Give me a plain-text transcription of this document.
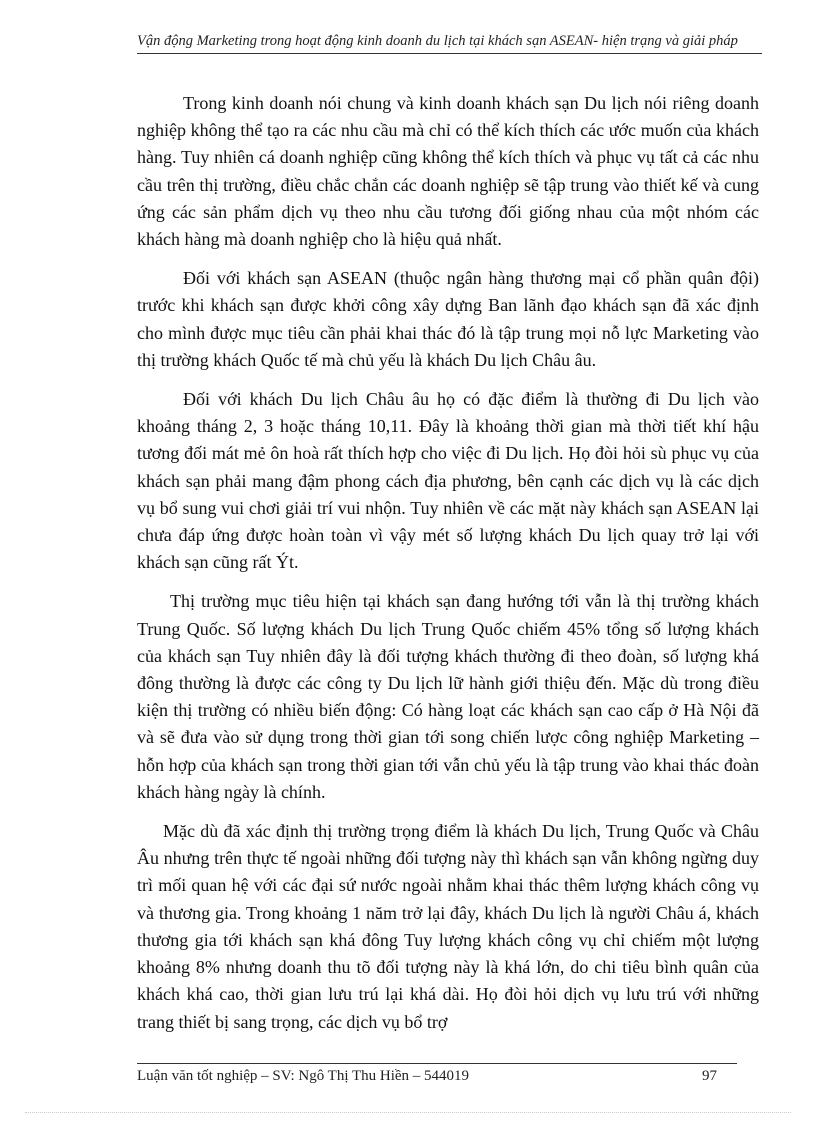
Vận động Marketing trong hoạt động kinh doanh du lịch tại khách sạn ASEAN- hiện trạng và giải pháp

Trong kinh doanh nói chung và kinh doanh khách sạn Du lịch nói riêng doanh nghiệp không thể tạo ra các nhu cầu mà chỉ có thể kích thích các ước muốn của khách hàng. Tuy nhiên cá doanh nghiệp cũng không thể kích thích và phục vụ tất cả các nhu cầu trên thị trường, điều chắc chắn các doanh nghiệp sẽ tập trung vào thiết kế và cung ứng các sản phẩm dịch vụ theo nhu cầu tương đối giống nhau của một nhóm các khách hàng mà doanh nghiệp cho là hiệu quả nhất.

Đối với khách sạn ASEAN (thuộc ngân hàng thương mại cổ phần quân đội) trước khi khách sạn được khởi công xây dựng Ban lãnh đạo khách sạn đã xác định cho mình được mục tiêu cần phải khai thác đó là tập trung mọi nỗ lực Marketing vào thị trường khách Quốc tế mà chủ yếu là khách Du lịch Châu âu.

Đối với khách Du lịch Châu âu họ có đặc điểm là thường đi Du lịch vào khoảng tháng 2, 3 hoặc tháng 10,11. Đây là khoảng thời gian mà thời tiết khí hậu tương đối mát mẻ ôn hoà rất thích hợp cho việc đi Du lịch. Họ đòi hỏi sù phục vụ của khách sạn phải mang đậm phong cách địa phương, bên cạnh các dịch vụ là các dịch vụ bổ sung vui chơi giải trí vui nhộn. Tuy nhiên về các mặt này khách sạn ASEAN lại chưa đáp ứng được hoàn toàn vì vậy mét số lượng khách Du lịch quay trở lại với khách sạn cũng rất Ýt.

Thị trường mục tiêu hiện tại khách sạn đang hướng tới vẫn là thị trường khách Trung Quốc. Số lượng khách Du lịch Trung Quốc chiếm 45% tổng số lượng khách của khách sạn Tuy nhiên đây là đối tượng khách thường đi theo đoàn, số lượng khá đông thường là được các công ty Du lịch lữ hành giới thiệu đến. Mặc dù trong điều kiện thị trường có nhiều biến động: Có hàng loạt các khách sạn cao cấp ở Hà Nội đã và sẽ đưa vào sử dụng trong thời gian tới song chiến lược công nghiệp Marketing – hỗn hợp của khách sạn trong thời gian tới vẫn chủ yếu là tập trung vào khai thác đoàn khách hàng ngày là chính.

Mặc dù đã xác định thị trường trọng điểm là khách Du lịch, Trung Quốc và Châu Âu nhưng trên thực tế ngoài những đối tượng này thì khách sạn vẫn không ngừng duy trì mối quan hệ với các đại sứ nước ngoài nhằm khai thác thêm lượng khách công vụ và thương gia. Trong khoảng 1 năm trở lại đây, khách Du lịch là người Châu á, khách thương gia tới khách sạn khá đông Tuy lượng khách công vụ chỉ chiếm một lượng khoảng 8% nhưng doanh thu tõ đối tượng này là khá lớn, do chi tiêu bình quân của khách khá cao, thời gian lưu trú lại khá dài. Họ đòi hỏi dịch vụ lưu trú với những trang thiết bị sang trọng, các dịch vụ bổ trợ

Luận văn tốt nghiệp – SV: Ngô Thị Thu Hiền – 544019	97
